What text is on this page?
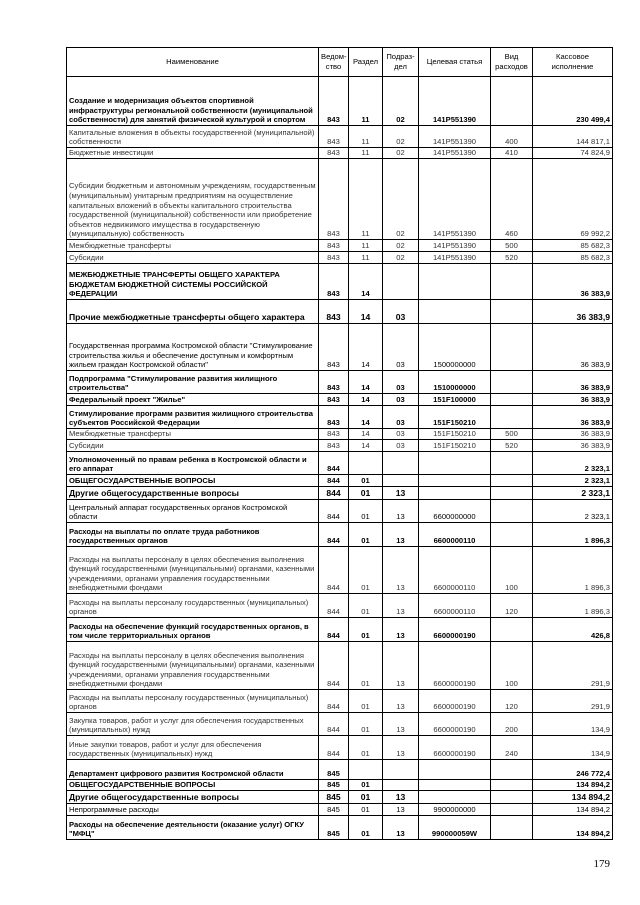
Наименование	Ведом-ство	Раздел	Подраз-дел	Целевая статья	Вид расходов	Кассовое исполнение
Создание и модернизация объектов спортивной инфраструктуры региональной собственности (муниципальной собственности) для занятий физической культурой и спортом	843	11	02	141P551390		230 499,4
Капитальные вложения в объекты государственной (муниципальной) собственности	843	11	02	141P551390	400	144 817,1
Бюджетные инвестиции	843	11	02	141P551390	410	74 824,9
Субсидии бюджетным и автономным учреждениям, государственным (муниципальным) унитарным предприятиям на осуществление капитальных вложений в объекты капитального строительства государственной (муниципальной) собственности или приобретение объектов недвижимого имущества в государственную (муниципальную) собственность	843	11	02	141P551390	460	69 992,2
Межбюджетные трансферты	843	11	02	141P551390	500	85 682,3
Субсидии	843	11	02	141P551390	520	85 682,3
МЕЖБЮДЖЕТНЫЕ ТРАНСФЕРТЫ ОБЩЕГО ХАРАКТЕРА БЮДЖЕТАМ БЮДЖЕТНОЙ СИСТЕМЫ РОССИЙСКОЙ ФЕДЕРАЦИИ	843	14				36 383,9
Прочие межбюджетные трансферты общего характера	843	14	03			36 383,9
Государственная программа Костромской области "Стимулирование строительства жилья и обеспечение доступным и комфортным жильем граждан Костромской области"	843	14	03	1500000000		36 383,9
Подпрограмма "Стимулирование развития жилищного строительства"	843	14	03	1510000000		36 383,9
Федеральный проект "Жилье"	843	14	03	151F100000		36 383,9
Стимулирование программ развития жилищного строительства субъектов Российской Федерации	843	14	03	151F150210		36 383,9
Межбюджетные трансферты	843	14	03	151F150210	500	36 383,9
Субсидии	843	14	03	151F150210	520	36 383,9
Уполномоченный по правам ребенка в Костромской области и его аппарат	844					2 323,1
ОБЩЕГОСУДАРСТВЕННЫЕ ВОПРОСЫ	844	01				2 323,1
Другие общегосударственные вопросы	844	01	13			2 323,1
Центральный аппарат государственных органов Костромской области	844	01	13	6600000000		2 323,1
Расходы на выплаты по оплате труда работников государственных органов	844	01	13	6600000110		1 896,3
Расходы на выплаты персоналу в целях обеспечения выполнения функций государственными (муниципальными) органами, казенными учреждениями, органами управления государственными внебюджетными фондами	844	01	13	6600000110	100	1 896,3
Расходы на выплаты персоналу государственных (муниципальных) органов	844	01	13	6600000110	120	1 896,3
Расходы на обеспечение функций государственных органов, в том числе территориальных органов	844	01	13	6600000190		426,8
Расходы на выплаты персоналу в целях обеспечения выполнения функций государственными (муниципальными) органами, казенными учреждениями, органами управления государственными внебюджетными фондами	844	01	13	6600000190	100	291,9
Расходы на выплаты персоналу государственных (муниципальных) органов	844	01	13	6600000190	120	291,9
Закупка товаров, работ и услуг для обеспечения государственных (муниципальных) нужд	844	01	13	6600000190	200	134,9
Иные закупки товаров, работ и услуг для обеспечения государственных (муниципальных) нужд	844	01	13	6600000190	240	134,9
Департамент цифрового развития Костромской области	845					246 772,4
ОБЩЕГОСУДАРСТВЕННЫЕ ВОПРОСЫ	845	01				134 894,2
Другие общегосударственные вопросы	845	01	13			134 894,2
Непрограммные расходы	845	01	13	9900000000		134 894,2
Расходы на обеспечение деятельности (оказание услуг) ОГКУ "МФЦ"	845	01	13	990000059W		134 894,2
179
